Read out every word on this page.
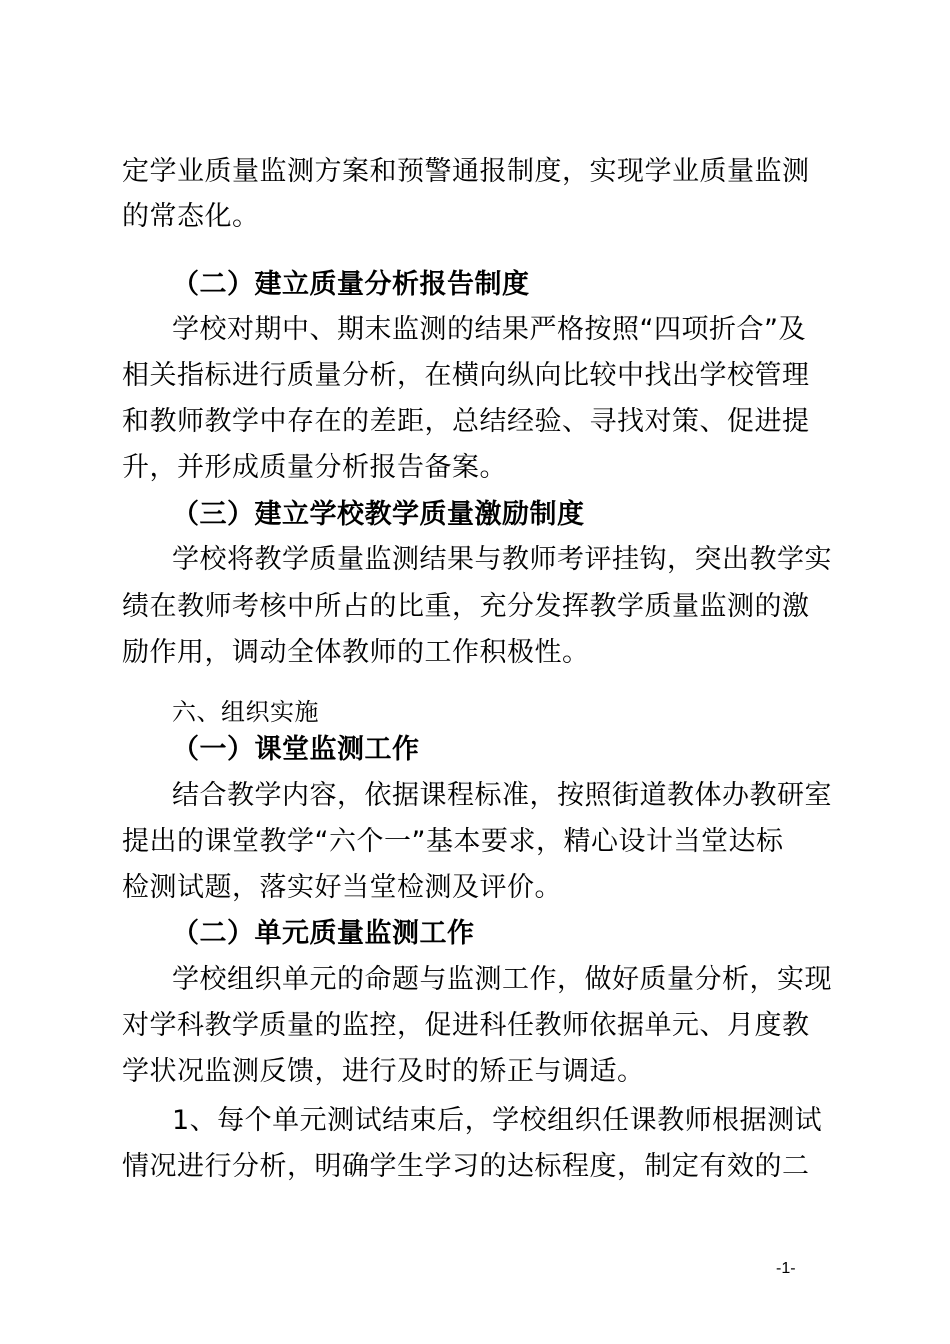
定学业质量监测方案和预警通报制度，实现学业质量监测
的常态化。
（二）建立质量分析报告制度
学校对期中、期末监测的结果严格按照“四项折合”及
相关指标进行质量分析，在横向纵向比较中找出学校管理
和教师教学中存在的差距，总结经验、寻找对策、促进提
升，并形成质量分析报告备案。
（三）建立学校教学质量激励制度
学校将教学质量监测结果与教师考评挂钩，突出教学实
绩在教师考核中所占的比重，充分发挥教学质量监测的激
励作用，调动全体教师的工作积极性。
六、组织实施
（一）课堂监测工作
结合教学内容，依据课程标准，按照街道教体办教研室
提出的课堂教学“六个一”基本要求，精心设计当堂达标
检测试题，落实好当堂检测及评价。
（二）单元质量监测工作
学校组织单元的命题与监测工作，做好质量分析，实现
对学科教学质量的监控，促进科任教师依据单元、月度教
学状况监测反馈，进行及时的矫正与调适。
1、每个单元测试结束后，学校组织任课教师根据测试
情况进行分析，明确学生学习的达标程度，制定有效的二
-1-
